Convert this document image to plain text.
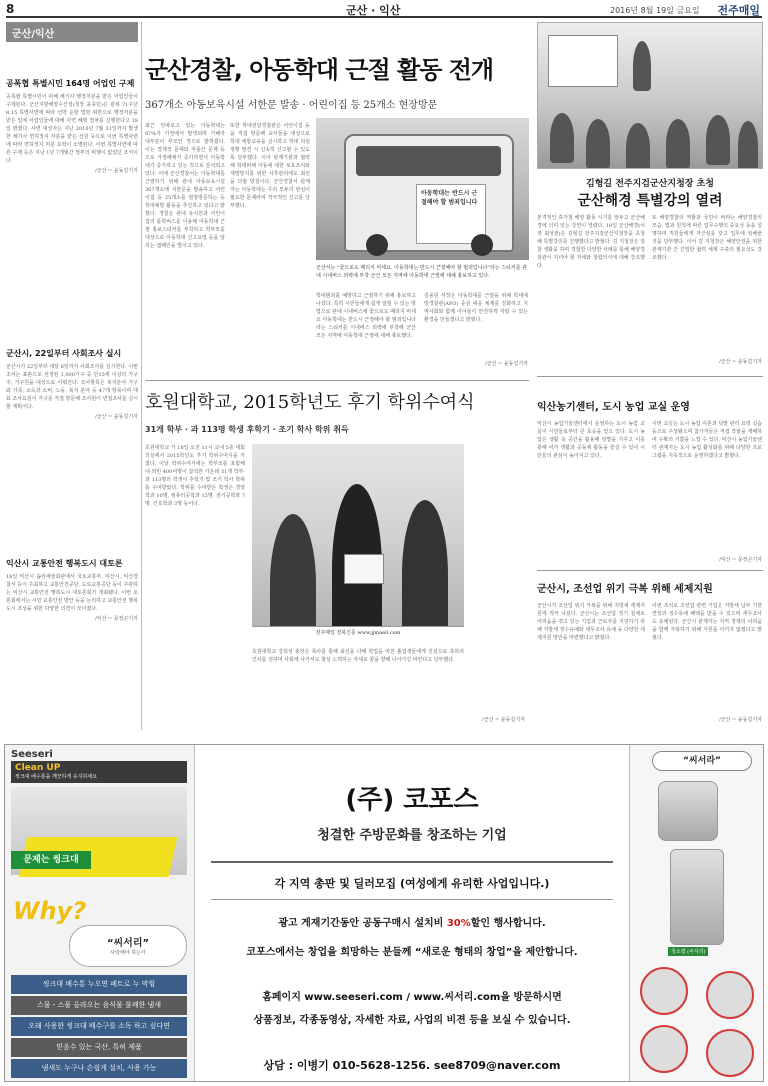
8	군산 · 익산	2016년 8월 19일 금요일 전주매일
군산/익산
공폭협 특별시민 164명 어업인 구제

공폭협 특별시민이 피해 해기사 행정처분을 받은 어업인들이 구제된다. 군산지방해양수산청(청장 윤종민)은 광복 71주년 8.15 특별사면에 따라 선박 운항 법령 위반으로 행정처분을 받은 업체 어업인들에 대해 사면 혜택 절차를 진행한다고 18일 밝혔다. 사면 대상자는 지난 2016년 7월 31일까지 발생한 해기사 면허정지 처분을 받은 선원 등으로 이번 특별사면에 따라 면허정지 처분 효력이 소멸된다. 이번 특별사면에 따른 구제 등은 지난 1년 7개월간 정부의 비행이 없었던 조치이다.

/군산 = 윤동길기자
군산시, 22일부터 사회조사 실시

군산시가 22일부터 내달 6일까지 사회조사를 실시한다. 이번 조사는 표본으로 선정된 1,000가구 중 만15세 이상의 가구주, 가구원을 대상으로 이뤄진다. 조사항목은 복지분야 가구와 가족, 소득과 소비, 노동, 복지 분야 등 47개 항목이며 대표 조사요원이 가구를 직접 방문해 조사원이 면접조사를 실시할 계획이다.

/군산 = 윤동길기자
익산시 교통안전 행복도시 대토론

18일 익산시 솜리예술회관에서 국토교통부, 익산시, 익산경찰서 등이 주최하고 교통안전공단, 도로교통공단 등이 주관하는 익산시 교통안전 행복도시 대토론회가 개최됐다. 이번 토론회에서는 시민 교통안전 방안 등을 논의하고 교통안전 행복도시 조성을 위한 다양한 의견이 모아졌다.

/익산 = 문정곤기자
군산경찰, 아동학대 근절 활동 전개
367개소 아동보육시설 서한문 발송 · 어린이집 등 25개소 현장방문
최근 잇따르고 있는 아동학대는 87%가 가정에서 발생되며 가해자 대부분이 부모인 것으로 밝혀졌다. 이는 경제적 문제와 저출산 문제 등으로 가정해체가 증가하면서 아동학대가 증가하고 있는 것으로 분석되고 있다. 이에 군산경찰서는 아동학대를 근절하기 위해 관내 아동보육시설 367개소에 서한문을 발송하고 어린이집 등 25개소를 현장방문하는 등 학대예방 활동을 추진하고 있다고 밝혔다. 경찰은 관내 유치원과 어린이집의 통학버스를 이용해 아동학대 근절 홍보스티커를 부착하고 학부모를 대상으로 아동학대 신고요령 등을 알리는 캠페인을 벌이고 있다.
또한 학대전담경찰관은 어린이집 등을 직접 방문해 교사들을 대상으로 학대 예방교육을 실시하고 학대 의심 정황 발견 시 신속히 신고할 수 있도록 당부했다. 이어 관계기관과 협력해 학대피해 아동에 대한 보호조치와 재발방지를 위한 사후관리에도 최선을 다할 방침이다. 군산경찰서 관계자는 아동학대는 우리 모두의 관심이 필요한 문제라며 적극적인 신고를 당부했다.
아동학대는 반드시 근절해야 할 범죄입니다
군산서는 “꽃으로도 때리지 마세요, 아동학대는 반드시 근절해야 할 범죄입니다”라는 스티커를 관내 시내버스 외벽에 부착 군산 모든 지역에 아동학대 근절에 대해 홍보하고 있다.
학대범죄를 예방하고 근절하기 위해 홍보하고 나섰다. 특히 시민들에게 쉽게 알릴 수 있는 방법으로 관내 시내버스에 꽃으로도 때리지 마세요 아동학대는 반드시 근절해야 할 범죄입니다라는 스티커를 시내버스 외벽에 부착해 군산 모든 지역에 아동학대 근절에 대해 홍보했다.
김용원 서장은 아동학대를 근절을 위해 학대예방경찰관(APO) 중심 대응 체계를 강화하고 지역사회와 함께 아이들이 안전하게 자랄 수 있는 환경을 만들겠다고 밝혔다.
/군산 = 윤동길기자
김형길 전주지검군산지청장 초청
군산해경 특별강의 열려
본격적인 휴가철 해양 활동 시기를 앞두고 군산해경에 의미 있는 강연이 열렸다. 18일 군산해경(서장 최성권)은 김형길 전주지검군산지청장을 초청해 특별강의를 진행했다고 밝혔다. 김 지청장은 검찰 생활을 하며 경험한 다양한 사례를 통해 해양경찰관이 지녀야 할 자세와 청렴의식에 대해 강조했다.
또 해양경찰의 역할과 국민이 바라는 해양경찰의 모습, 법과 원칙에 따른 업무수행의 중요성 등을 설명하며 직원들에게 자긍심을 갖고 업무에 임해줄 것을 당부했다. 이어 김 지청장은 해양안전을 위한 관계기관 간 긴밀한 협력 체계 구축의 필요성도 강조했다.
/군산 = 윤동길기자
호원대학교, 2015학년도 후기 학위수여식
31개 학부 · 과 113명 학생 후학기 · 조기 학사 학위 취득
호원대학교 가 18일 오전 11시 교내 5층 대회의실에서 2015학년도 후기 학위수여식을 가졌다. 이날 학위수여식에는 학부모를 포함해 내·외빈 400여명이 참석한 가운데 31개 학부·과 113명의 학생이 후학기 및 조기 학사 학위를 수여받았다. 학위를 수여받은 학생은 경영학과 10명, 컴퓨터공학과 15명, 전기공학과 7명, 간호학과 3명 등이다.
전주매일 전북신문 www.jjmaeil.com
호원대학교 강희성 총장은 축사를 통해 최선을 다해 학업을 마친 졸업생들에게 진심으로 축하의 인사를 전하며 사회에 나가서도 항상 노력하는 자세로 꿈을 향해 나아가길 바란다고 당부했다.
/군산 = 윤동길기자
익산농기센터, 도시 농업 교실 운영
익산시 농업기술센터에서 운영하는 도시 농업 교실이 시민들로부터 큰 호응을 얻고 있다. 도시 농업은 생활 속 공간을 활용해 텃밭을 가꾸고 이를 통해 여가 생활과 공동체 활동을 즐길 수 있어 시민들의 관심이 높아지고 있다.
이번 교실은 도시 농업 이론과 텃밭 관리 요령 실습 등으로 구성됐으며 참가자들은 직접 작물을 재배하며 수확의 기쁨을 느낄 수 있다. 익산시 농업기술센터 관계자는 도시 농업 활성화를 위해 다양한 프로그램을 지속적으로 운영하겠다고 밝혔다.
/익산 = 문정곤기자
군산시, 조선업 위기 극복 위해 세제지원
군산시가 조선업 위기 극복을 위해 지방세 세제지원에 적극 나섰다. 군산시는 조선업 경기 침체로 어려움을 겪고 있는 기업과 근로자를 지원하기 위해 지방세 징수유예와 세무조사 유예 등 다양한 세제지원 방안을 마련했다고 밝혔다.
이번 조치로 조선업 관련 기업은 지방세 납부 기한 연장과 징수유예 혜택을 받을 수 있으며 세무조사도 유예된다. 군산시 관계자는 지역 경제의 어려움을 함께 극복하기 위해 지원을 아끼지 않겠다고 밝혔다.
/군산 = 윤동길기자
Seeseri
Clean UP
씽크대 배수통을 깨끗하게 유지하세요
문제는 씽크대
Why?
“씨서리”
사랑해야 하는가
씽크대 배수통 누오면 페트로 누 막힘
스물 - 스물 올라오는 음식물 불쾌한 냄새
오래 사용한 씽크대 배수구를 소독 하고 싶다면
믿음수 있는 국산, 특허 제품
냄새도 누구나 손쉽게 설치, 사용 가능
(주) 코포스
청결한 주방문화를 창조하는 기업
각 지역 총판 및 딜러모집 (여성에게 유리한 사업입니다.)
광고 게재기간동안 공동구매시 설치비 30%할인 행사합니다.
코포스에서는 창업을 희망하는 분들께 “새로운 형태의 창업”을 제안합니다.
홈페이지 www.seeseri.com / www.씨서리.com을 방문하시면
상품정보, 각종동영상, 자세한 자료, 사업의 비젼 등을 보실 수 있습니다.
상담 : 이병기 010-5628-1256. see8709@naver.com
“씨서라”
청소캡 (씨서리)
